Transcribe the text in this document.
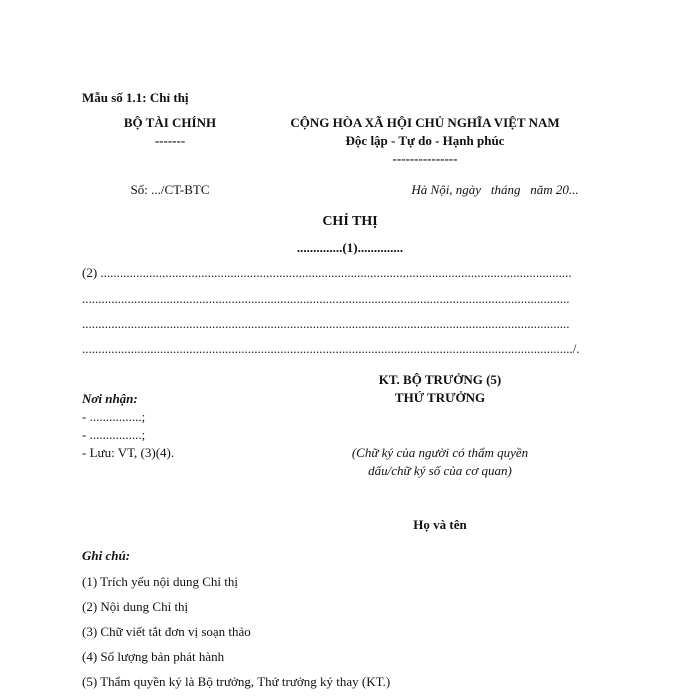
Mẫu số 1.1: Chỉ thị
BỘ TÀI CHÍNH
-------
CỘNG HÒA XÃ HỘI CHỦ NGHĨA VIỆT NAM
Độc lập - Tự do - Hạnh phúc
---------------
Số: .../CT-BTC	Hà Nội, ngày   tháng   năm 20...
CHỈ THỊ
..............(1)..............
(2) .................................................................................................................................................
......................................................................................................................................................
......................................................................................................................................................
......................................................................................................................................................./.
KT. BỘ TRƯỞNG (5)
THỨ TRƯỞNG
Nơi nhận:
- ................;
- ................;
- Lưu: VT, (3)(4).	(Chữ ký của người có thẩm quyền
dấu/chữ ký số của cơ quan)
Họ và tên
Ghi chú:
(1) Trích yếu nội dung Chỉ thị
(2) Nội dung Chỉ thị
(3) Chữ viết tắt đơn vị soạn thảo
(4) Số lượng bản phát hành
(5) Thẩm quyền ký là Bộ trưởng, Thứ trưởng ký thay (KT.)
